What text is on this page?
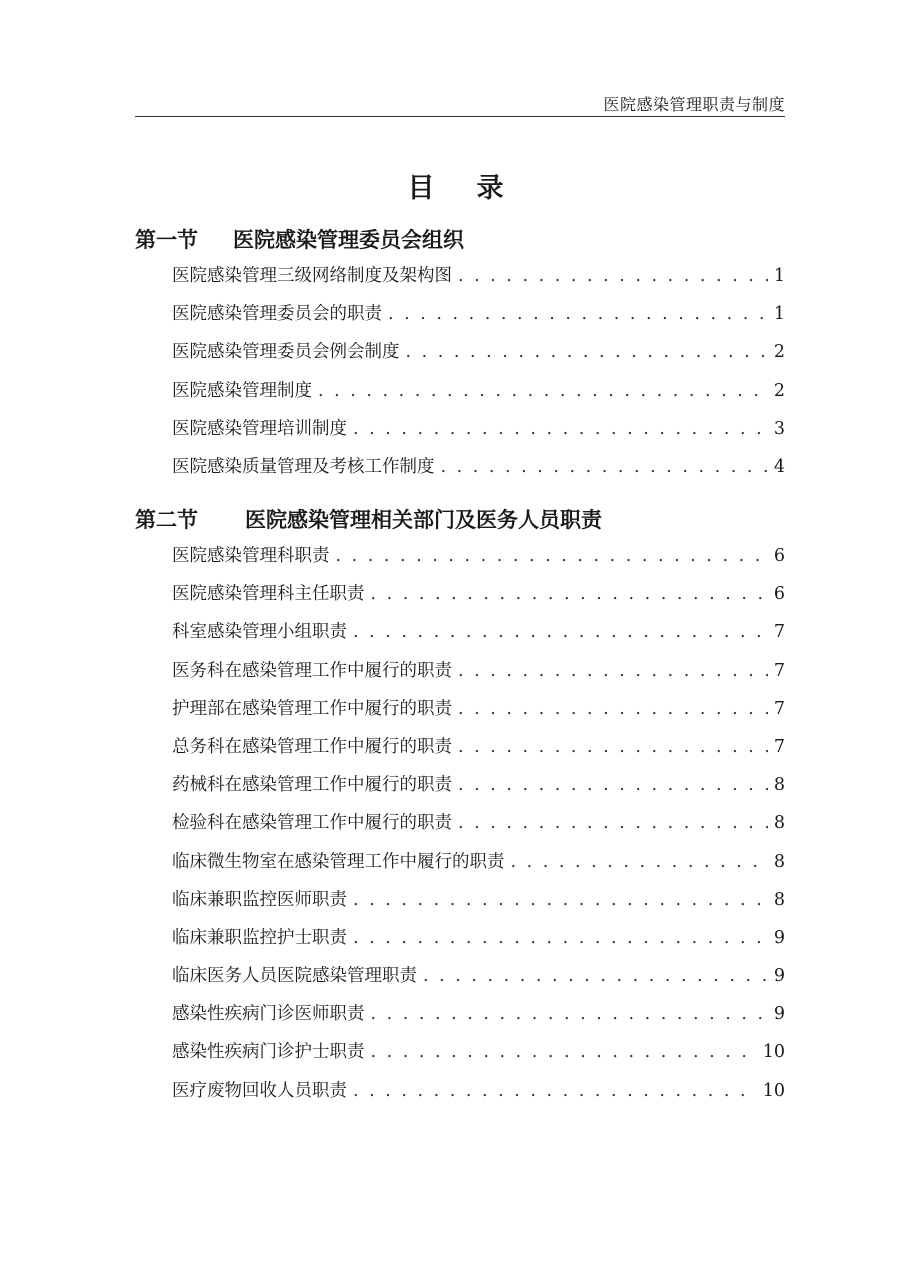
医院感染管理职责与制度
目 录
第一节 医院感染管理委员会组织
医院感染管理三级网络制度及架构图 . . .	1
医院感染管理委员会的职责 . . .	1
医院感染管理委员会例会制度 . . .	2
医院感染管理制度 . . .	2
医院感染管理培训制度 . . .	3
医院感染质量管理及考核工作制度 . . .	4
第二节 医院感染管理相关部门及医务人员职责
医院感染管理科职责 . . .	6
医院感染管理科主任职责 . . .	6
科室感染管理小组职责 . . .	7
医务科在感染管理工作中履行的职责 . . .	7
护理部在感染管理工作中履行的职责 . . .	7
总务科在感染管理工作中履行的职责 . . .	7
药械科在感染管理工作中履行的职责 . . .	8
检验科在感染管理工作中履行的职责 . . .	8
临床微生物室在感染管理工作中履行的职责 . . .	8
临床兼职监控医师职责 . . .	8
临床兼职监控护士职责 . . .	9
临床医务人员医院感染管理职责 . . .	9
感染性疾病门诊医师职责 . . .	9
感染性疾病门诊护士职责 . . .	10
医疗废物回收人员职责 . . .	10
